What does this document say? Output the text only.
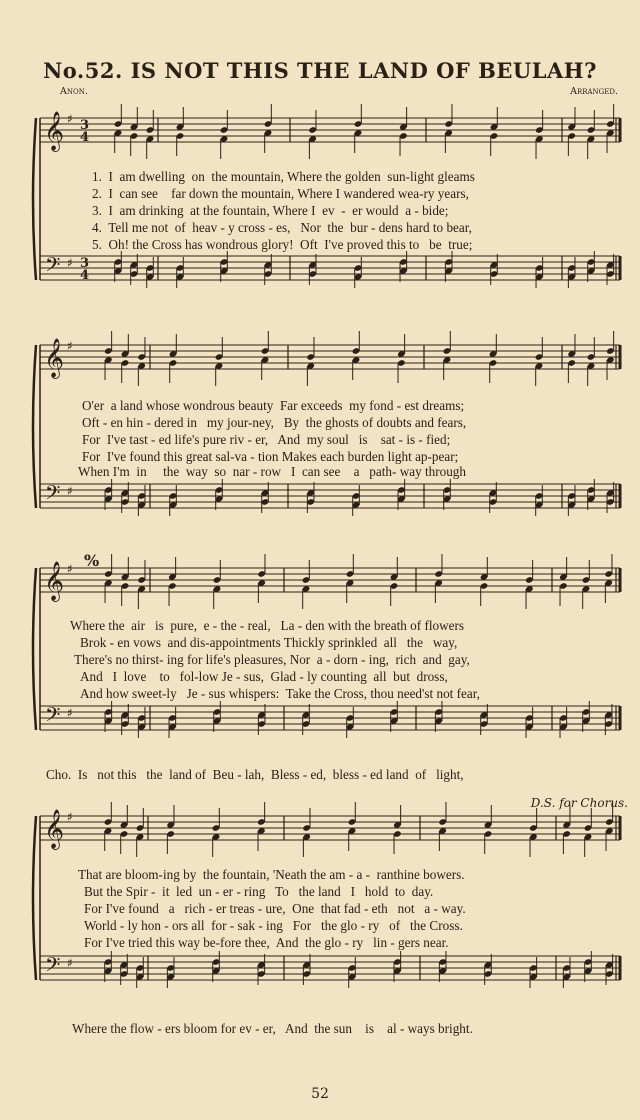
No.52. IS NOT THIS THE LAND OF BEULAH?
Anon.	Arranged.
𝄞
𝄢
♯
♯
3
4
3
4
𝄞
𝄢
♯
♯
𝄞
𝄢
♯
♯
%
𝄞
𝄢
♯
♯
1.  I  am dwelling  on  the mountain, Where the golden  sun-light gleams
2.  I  can see    far down the mountain, Where I wandered wea-ry years,
3.  I  am drinking  at the fountain, Where I  ev  -  er would  a - bide;
4.  Tell me not  of  heav - y cross - es,   Nor  the  bur - dens hard to bear,
5.  Oh! the Cross has wondrous glory!  Oft  I've proved this to   be  true;
O'er  a land whose wondrous beauty  Far exceeds  my fond - est dreams;
Oft - en hin - dered in   my jour-ney,   By  the ghosts of doubts and fears,
For  I've tast - ed life's pure riv - er,   And  my soul   is    sat - is - fied;
For  I've found this great sal-va - tion Makes each burden light ap-pear;
When I'm  in     the  way  so  nar - row   I  can see    a   path- way through
Where the  air   is  pure,  e - the - real,   La - den with the breath of flowers
Brok - en vows  and dis-appointments Thickly sprinkled  all   the   way,
There's no thirst- ing for life's pleasures, Nor  a - dorn - ing,  rich  and  gay,
And   I  love    to   fol-low Je - sus,  Glad - ly counting  all  but  dross,
And how sweet-ly   Je - sus whispers:  Take the Cross, thou need'st not fear,
Cho.  Is   not this   the  land of  Beu - lah,  Bless - ed,  bless - ed land  of   light,
D.S. for Chorus.
That are bloom-ing by  the fountain, 'Neath the am - a -  ranthine bowers.
But the Spir -  it  led  un - er - ring   To   the land   I   hold  to  day.
For I've found   a   rich - er treas - ure,  One  that fad - eth   not   a - way.
World - ly hon - ors all  for - sak - ing   For   the glo - ry   of   the Cross.
For I've tried this way be-fore thee,  And  the glo - ry   lin - gers near.
Where the flow - ers bloom for ev - er,   And  the sun    is    al - ways bright.
52
